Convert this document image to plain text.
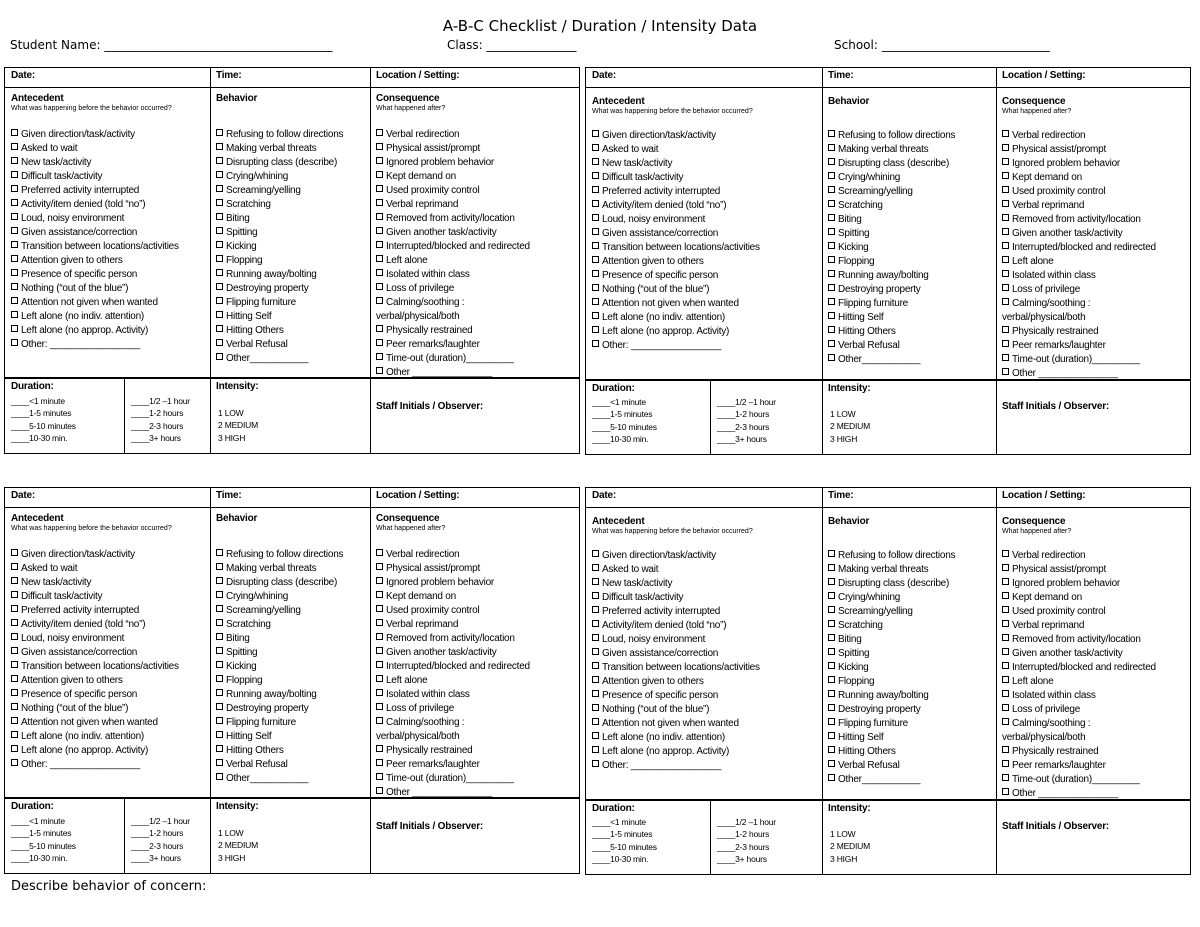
A-B-C Checklist / Duration / Intensity Data
Student Name: ______________________________________	Class: _______________	School: ____________________________
Date:	Time:	Location / Setting:
Antecedent
What was happening before the behavior occurred?
Behavior	Consequence
What happened after?
Given direction/task/activity
Asked to wait
New task/activity
Difficult task/activity
Preferred activity interrupted
Activity/item denied (told “no”)
Loud, noisy environment
Given assistance/correction
Transition between locations/activities
Attention given to others
Presence of specific person
Nothing (“out of the blue”)
Attention not given when wanted
Left alone (no indiv. attention)
Left alone (no approp. Activity)
Other: _________________
Refusing to follow directions
Making verbal threats
Disrupting class (describe)
Crying/whining
Screaming/yelling
Scratching
Biting
Spitting
Kicking
Flopping
Running away/bolting
Destroying property
Flipping furniture
Hitting Self
Hitting Others
Verbal Refusal
Other___________
Verbal redirection
Physical assist/prompt
Ignored problem behavior
Kept demand on
Used proximity control
Verbal reprimand
Removed from activity/location
Given another task/activity
Interrupted/blocked and redirected
Left alone
Isolated within class
Loss of privilege
Calming/soothing :
verbal/physical/both
Physically restrained
Peer remarks/laughter
Time-out (duration)_________
Other _______________
Duration:
____<1 minute
____1-5 minutes
____5-10 minutes
____10-30 min.
____1/2 –1 hour
____1-2 hours
____2-3 hours
____3+ hours
Intensity:
1 LOW
2 MEDIUM
3 HIGH
Staff Initials / Observer:
Date:	Time:	Location / Setting:
Antecedent
What was happening before the behavior occurred?
Behavior	Consequence
What happened after?
Given direction/task/activity
Asked to wait
New task/activity
Difficult task/activity
Preferred activity interrupted
Activity/item denied (told “no”)
Loud, noisy environment
Given assistance/correction
Transition between locations/activities
Attention given to others
Presence of specific person
Nothing (“out of the blue”)
Attention not given when wanted
Left alone (no indiv. attention)
Left alone (no approp. Activity)
Other: _________________
Refusing to follow directions
Making verbal threats
Disrupting class (describe)
Crying/whining
Screaming/yelling
Scratching
Biting
Spitting
Kicking
Flopping
Running away/bolting
Destroying property
Flipping furniture
Hitting Self
Hitting Others
Verbal Refusal
Other___________
Verbal redirection
Physical assist/prompt
Ignored problem behavior
Kept demand on
Used proximity control
Verbal reprimand
Removed from activity/location
Given another task/activity
Interrupted/blocked and redirected
Left alone
Isolated within class
Loss of privilege
Calming/soothing :
verbal/physical/both
Physically restrained
Peer remarks/laughter
Time-out (duration)_________
Other _______________
Duration:
____<1 minute
____1-5 minutes
____5-10 minutes
____10-30 min.
____1/2 –1 hour
____1-2 hours
____2-3 hours
____3+ hours
Intensity:
1 LOW
2 MEDIUM
3 HIGH
Staff Initials / Observer:
Date:	Time:	Location / Setting:
Antecedent
What was happening before the behavior occurred?
Behavior	Consequence
What happened after?
Given direction/task/activity
Asked to wait
New task/activity
Difficult task/activity
Preferred activity interrupted
Activity/item denied (told “no”)
Loud, noisy environment
Given assistance/correction
Transition between locations/activities
Attention given to others
Presence of specific person
Nothing (“out of the blue”)
Attention not given when wanted
Left alone (no indiv. attention)
Left alone (no approp. Activity)
Other: _________________
Refusing to follow directions
Making verbal threats
Disrupting class (describe)
Crying/whining
Screaming/yelling
Scratching
Biting
Spitting
Kicking
Flopping
Running away/bolting
Destroying property
Flipping furniture
Hitting Self
Hitting Others
Verbal Refusal
Other___________
Verbal redirection
Physical assist/prompt
Ignored problem behavior
Kept demand on
Used proximity control
Verbal reprimand
Removed from activity/location
Given another task/activity
Interrupted/blocked and redirected
Left alone
Isolated within class
Loss of privilege
Calming/soothing :
verbal/physical/both
Physically restrained
Peer remarks/laughter
Time-out (duration)_________
Other _______________
Duration:
____<1 minute
____1-5 minutes
____5-10 minutes
____10-30 min.
____1/2 –1 hour
____1-2 hours
____2-3 hours
____3+ hours
Intensity:
1 LOW
2 MEDIUM
3 HIGH
Staff Initials / Observer:
Date:	Time:	Location / Setting:
Antecedent
What was happening before the behavior occurred?
Behavior	Consequence
What happened after?
Given direction/task/activity
Asked to wait
New task/activity
Difficult task/activity
Preferred activity interrupted
Activity/item denied (told “no”)
Loud, noisy environment
Given assistance/correction
Transition between locations/activities
Attention given to others
Presence of specific person
Nothing (“out of the blue”)
Attention not given when wanted
Left alone (no indiv. attention)
Left alone (no approp. Activity)
Other: _________________
Refusing to follow directions
Making verbal threats
Disrupting class (describe)
Crying/whining
Screaming/yelling
Scratching
Biting
Spitting
Kicking
Flopping
Running away/bolting
Destroying property
Flipping furniture
Hitting Self
Hitting Others
Verbal Refusal
Other___________
Verbal redirection
Physical assist/prompt
Ignored problem behavior
Kept demand on
Used proximity control
Verbal reprimand
Removed from activity/location
Given another task/activity
Interrupted/blocked and redirected
Left alone
Isolated within class
Loss of privilege
Calming/soothing :
verbal/physical/both
Physically restrained
Peer remarks/laughter
Time-out (duration)_________
Other _______________
Duration:
____<1 minute
____1-5 minutes
____5-10 minutes
____10-30 min.
____1/2 –1 hour
____1-2 hours
____2-3 hours
____3+ hours
Intensity:
1 LOW
2 MEDIUM
3 HIGH
Staff Initials / Observer:
Describe behavior of concern:
